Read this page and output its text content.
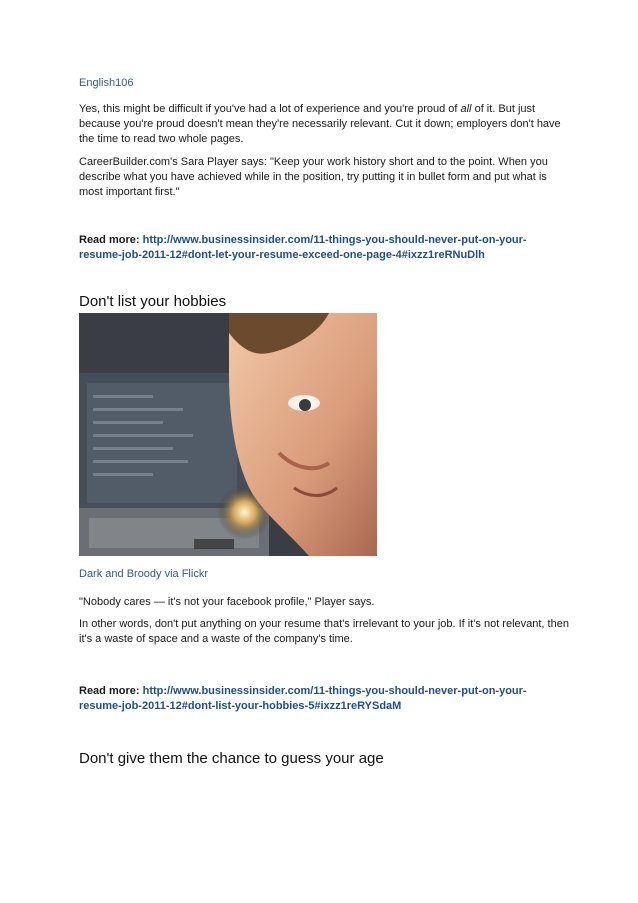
English106

Yes, this might be difficult if you've had a lot of experience and you're proud of all of it. But just because you're proud doesn't mean they're necessarily relevant. Cut it down; employers don't have the time to read two whole pages.

CareerBuilder.com's Sara Player says: "Keep your work history short and to the point. When you describe what you have achieved while in the position, try putting it in bullet form and put what is most important first."

Read more: http://www.businessinsider.com/11-things-you-should-never-put-on-your-resume-job-2011-12#dont-let-your-resume-exceed-one-page-4#ixzz1reRNuDlh

Don't list your hobbies

Dark and Broody via Flickr

"Nobody cares — it's not your facebook profile," Player says.

In other words, don't put anything on your resume that's irrelevant to your job. If it's not relevant, then it's a waste of space and a waste of the company's time.

Read more: http://www.businessinsider.com/11-things-you-should-never-put-on-your-resume-job-2011-12#dont-list-your-hobbies-5#ixzz1reRYSdaM

Don't give them the chance to guess your age
